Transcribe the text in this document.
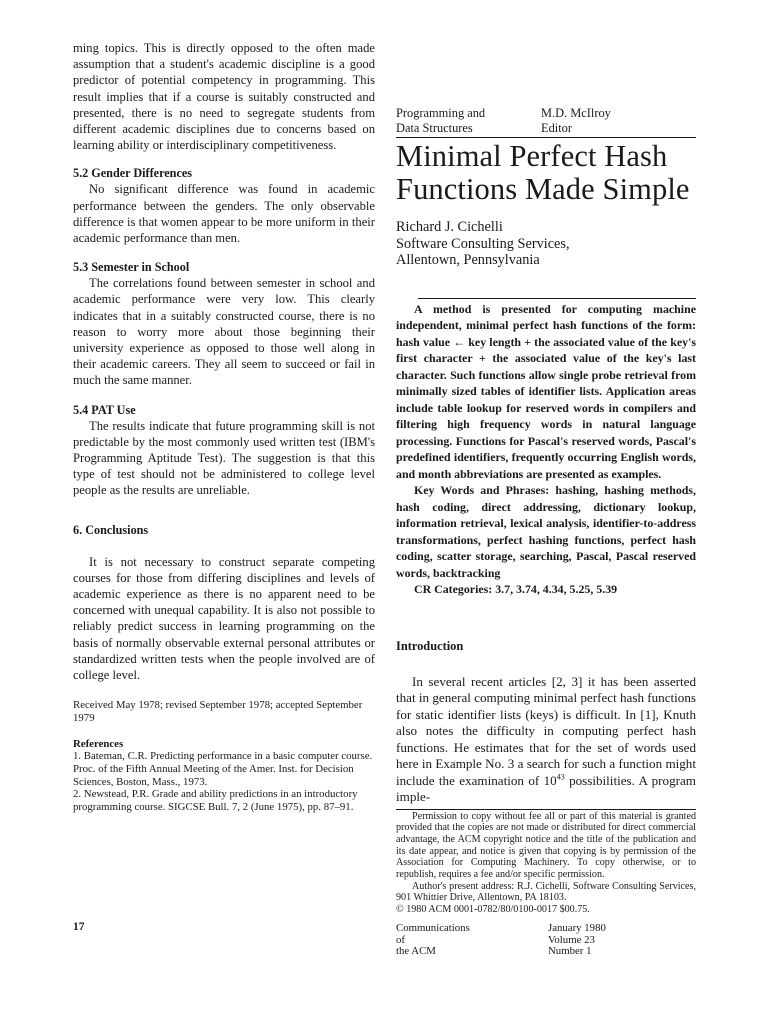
ming topics. This is directly opposed to the often made assumption that a student's academic discipline is a good predictor of potential competency in programming. This result implies that if a course is suitably constructed and presented, there is no need to segregate students from different academic disciplines due to concerns based on learning ability or interdisciplinary competitiveness.

5.2 Gender Differences

No significant difference was found in academic performance between the genders. The only observable difference is that women appear to be more uniform in their academic performance than men.

5.3 Semester in School

The correlations found between semester in school and academic performance were very low. This clearly indicates that in a suitably constructed course, there is no reason to worry more about those beginning their university experience as opposed to those well along in their academic careers. They all seem to succeed or fail in much the same manner.

5.4 PAT Use

The results indicate that future programming skill is not predictable by the most commonly used written test (IBM's Programming Aptitude Test). The suggestion is that this type of test should not be administered to college level people as the results are unreliable.

6. Conclusions

It is not necessary to construct separate competing courses for those from differing disciplines and levels of academic experience as there is no apparent need to be concerned with unequal capability. It is also not possible to reliably predict success in learning programming on the basis of normally observable external personal attributes or standardized written tests when the people involved are of college level.

Received May 1978; revised September 1978; accepted September 1979

References

1. Bateman, C.R. Predicting performance in a basic computer course. Proc. of the Fifth Annual Meeting of the Amer. Inst. for Decision Sciences, Boston, Mass., 1973.

2. Newstead, P.R. Grade and ability predictions in an introductory programming course. SIGCSE Bull. 7, 2 (June 1975), pp. 87–91.

Programming and
Data Structures
M.D. McIlroy
Editor
Minimal Perfect Hash Functions Made Simple
Richard J. Cichelli
Software Consulting Services,
Allentown, Pennsylvania

A method is presented for computing machine independent, minimal perfect hash functions of the form: hash value ← key length + the associated value of the key's first character + the associated value of the key's last character. Such functions allow single probe retrieval from minimally sized tables of identifier lists. Application areas include table lookup for reserved words in compilers and filtering high frequency words in natural language processing. Functions for Pascal's reserved words, Pascal's predefined identifiers, frequently occurring English words, and month abbreviations are presented as examples.

Key Words and Phrases: hashing, hashing methods, hash coding, direct addressing, dictionary lookup, information retrieval, lexical analysis, identifier-to-address transformations, perfect hashing functions, perfect hash coding, scatter storage, searching, Pascal, Pascal reserved words, backtracking

CR Categories: 3.7, 3.74, 4.34, 5.25, 5.39

Introduction

In several recent articles [2, 3] it has been asserted that in general computing minimal perfect hash functions for static identifier lists (keys) is difficult. In [1], Knuth also notes the difficulty in computing perfect hash functions. He estimates that for the set of words used here in Example No. 3 a search for such a function might include the examination of $10^{43}$ possibilities. A program imple-

Permission to copy without fee all or part of this material is granted provided that the copies are not made or distributed for direct commercial advantage, the ACM copyright notice and the title of the publication and its date appear, and notice is given that copying is by permission of the Association for Computing Machinery. To copy otherwise, or to republish, requires a fee and/or specific permission.

Author's present address: R.J. Cichelli, Software Consulting Services, 901 Whittier Drive, Allentown, PA 18103.

© 1980 ACM 0001-0782/80/0100-0017 $00.75.

17	Communications
of
the ACM
January 1980
Volume 23
Number 1
